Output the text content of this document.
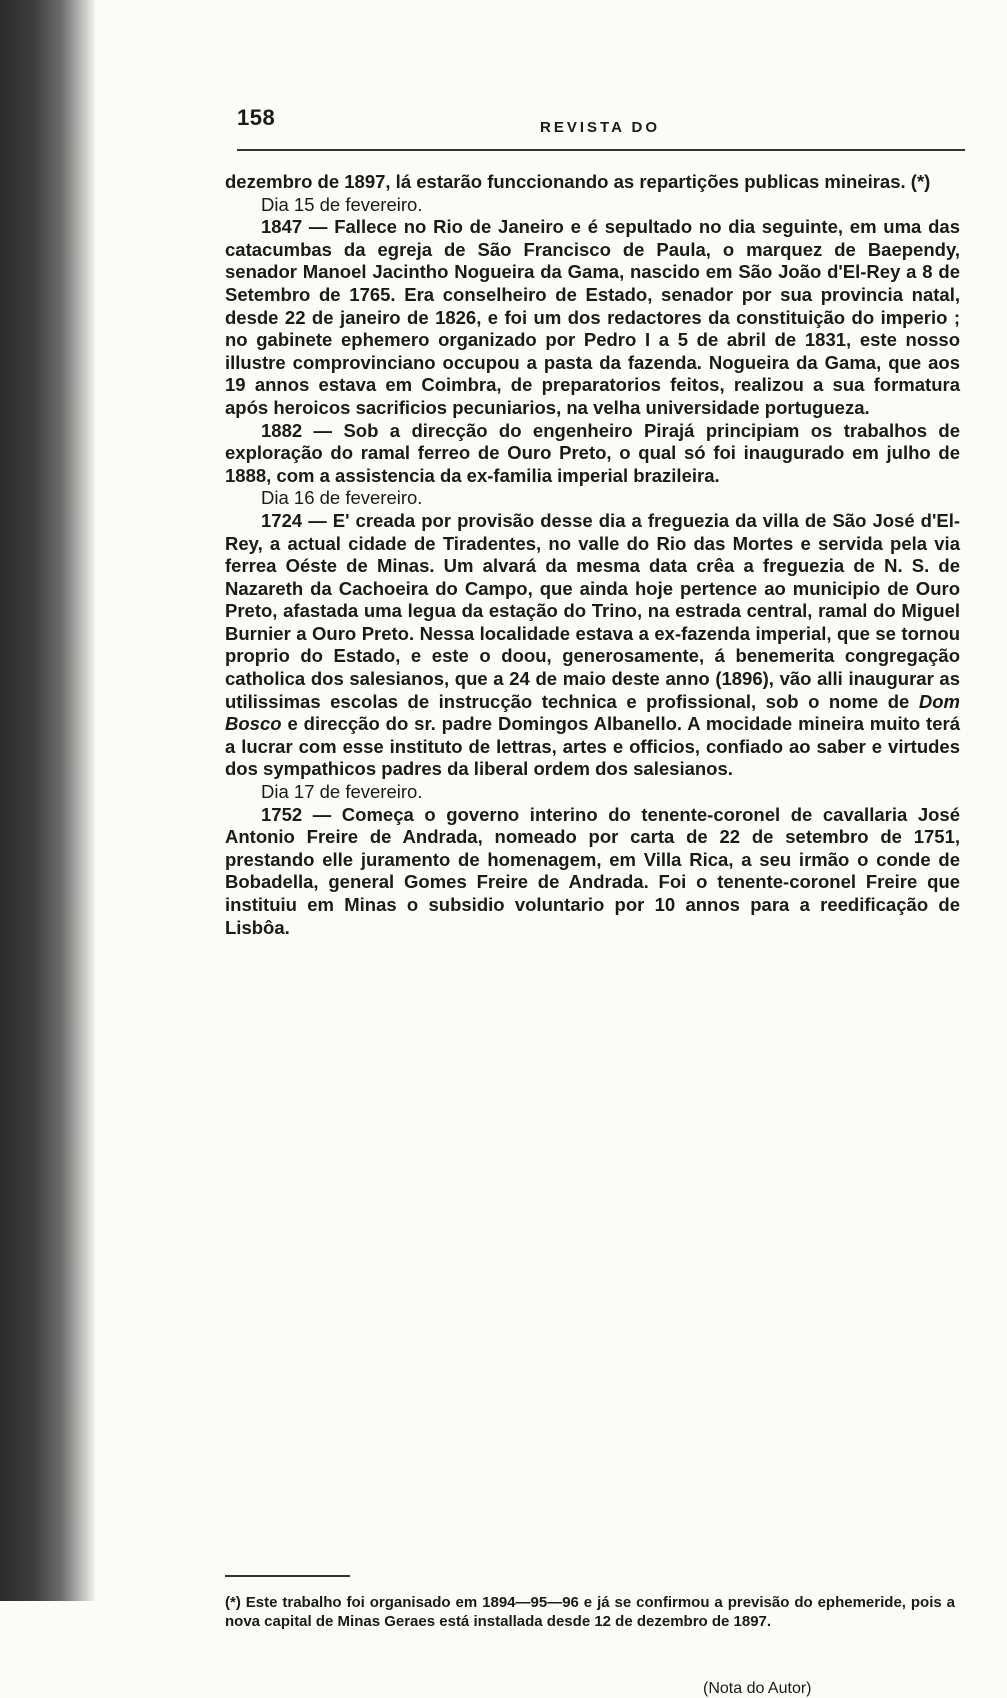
158	REVISTA DO

dezembro de 1897, lá estarão funccionando as repartições publicas mineiras. (*)

Dia 15 de fevereiro.

1847 — Fallece no Rio de Janeiro e é sepultado no dia seguinte, em uma das catacumbas da egreja de São Francisco de Paula, o marquez de Baependy, senador Manoel Jacintho Nogueira da Gama, nascido em São João d'El-Rey a 8 de Setembro de 1765. Era conselheiro de Estado, senador por sua provincia natal, desde 22 de janeiro de 1826, e foi um dos redactores da constituição do imperio ; no gabinete ephemero organizado por Pedro I a 5 de abril de 1831, este nosso illustre comprovinciano occupou a pasta da fazenda. Nogueira da Gama, que aos 19 annos estava em Coimbra, de preparatorios feitos, realizou a sua formatura após heroicos sacrificios pecuniarios, na velha universidade portugueza.

1882 — Sob a direcção do engenheiro Pirajá principiam os trabalhos de exploração do ramal ferreo de Ouro Preto, o qual só foi inaugurado em julho de 1888, com a assistencia da ex-familia imperial brazileira.

Dia 16 de fevereiro.

1724 — E' creada por provisão desse dia a freguezia da villa de São José d'El-Rey, a actual cidade de Tiradentes, no valle do Rio das Mortes e servida pela via ferrea Oéste de Minas. Um alvará da mesma data crêa a freguezia de N. S. de Nazareth da Cachoeira do Campo, que ainda hoje pertence ao municipio de Ouro Preto, afastada uma legua da estação do Trino, na estrada central, ramal do Miguel Burnier a Ouro Preto. Nessa localidade estava a ex-fazenda imperial, que se tornou proprio do Estado, e este o doou, generosamente, á benemerita congregação catholica dos salesianos, que a 24 de maio deste anno (1896), vão alli inaugurar as utilissimas escolas de instrucção technica e profissional, sob o nome de Dom Bosco e direcção do sr. padre Domingos Albanello. A mocidade mineira muito terá a lucrar com esse instituto de lettras, artes e officios, confiado ao saber e virtudes dos sympathicos padres da liberal ordem dos salesianos.

Dia 17 de fevereiro.

1752 — Começa o governo interino do tenente-coronel de cavallaria José Antonio Freire de Andrada, nomeado por carta de 22 de setembro de 1751, prestando elle juramento de homenagem, em Villa Rica, a seu irmão o conde de Bobadella, general Gomes Freire de Andrada. Foi o tenente-coronel Freire que instituiu em Minas o subsidio voluntario por 10 annos para a reedificação de Lisbôa.

(*) Este trabalho foi organisado em 1894—95—96 e já se confirmou a previsão do ephemeride, pois a nova capital de Minas Geraes está installada desde 12 de dezembro de 1897.
(Nota do Autor)
